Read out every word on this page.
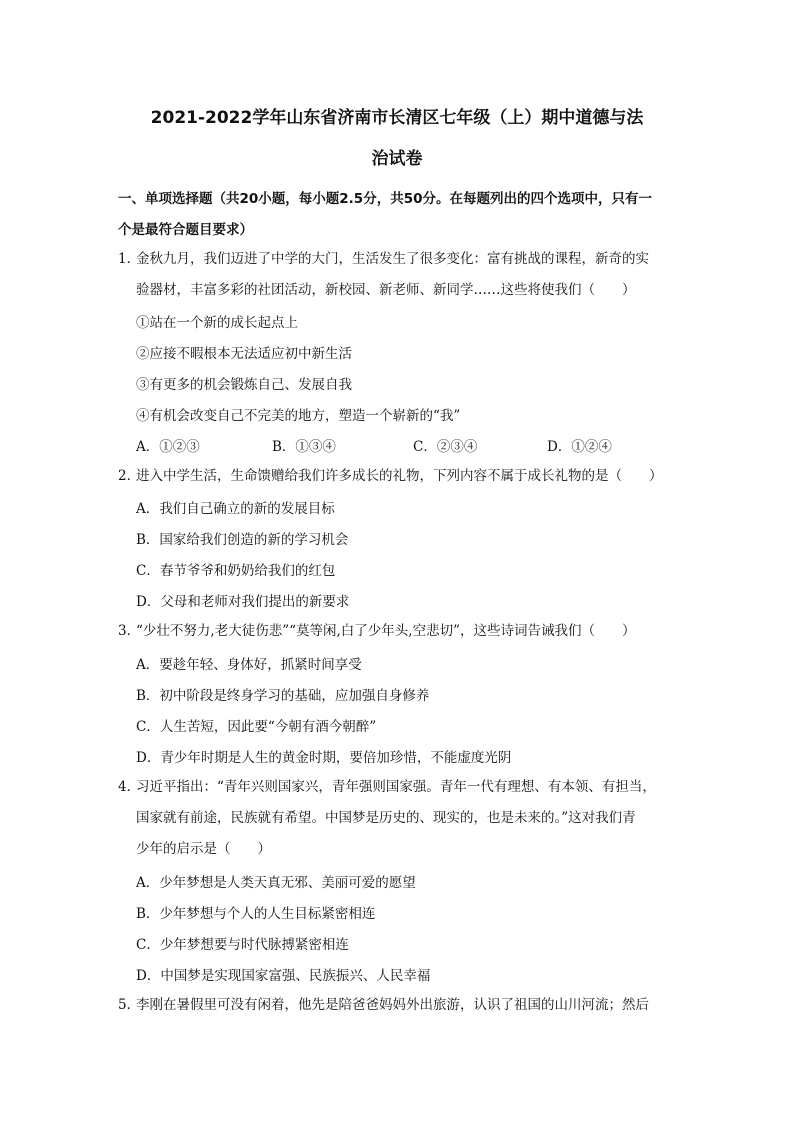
2021-2022学年山东省济南市长清区七年级（上）期中道德与法
治试卷
一、单项选择题（共20小题，每小题2.5分，共50分。在每题列出的四个选项中，只有一
个是最符合题目要求）
1．金秋九月，我们迈进了中学的大门，生活发生了很多变化：富有挑战的课程，新奇的实
验器材，丰富多彩的社团活动，新校园、新老师、新同学……这些将使我们（　　）
①站在一个新的成长起点上
②应接不暇根本无法适应初中新生活
③有更多的机会锻炼自己、发展自我
④有机会改变自己不完美的地方，塑造一个崭新的“我”
A．①②③	B．①③④	C．②③④	D．①②④
2．进入中学生活，生命馈赠给我们许多成长的礼物，下列内容不属于成长礼物的是（　　）
A．我们自己确立的新的发展目标
B．国家给我们创造的新的学习机会
C．春节爷爷和奶奶给我们的红包
D．父母和老师对我们提出的新要求
3．“少壮不努力,老大徒伤悲”“莫等闲,白了少年头,空悲切”，这些诗词告诫我们（　　）
A．要趁年轻、身体好，抓紧时间享受
B．初中阶段是终身学习的基础，应加强自身修养
C．人生苦短，因此要“今朝有酒今朝醉”
D．青少年时期是人生的黄金时期，要倍加珍惜，不能虚度光阴
4．习近平指出：“青年兴则国家兴，青年强则国家强。青年一代有理想、有本领、有担当，
国家就有前途，民族就有希望。中国梦是历史的、现实的，也是未来的。”这对我们青
少年的启示是（　　）
A．少年梦想是人类天真无邪、美丽可爱的愿望
B．少年梦想与个人的人生目标紧密相连
C．少年梦想要与时代脉搏紧密相连
D．中国梦是实现国家富强、民族振兴、人民幸福
5．李刚在暑假里可没有闲着，他先是陪爸爸妈妈外出旅游，认识了祖国的山川河流；然后
